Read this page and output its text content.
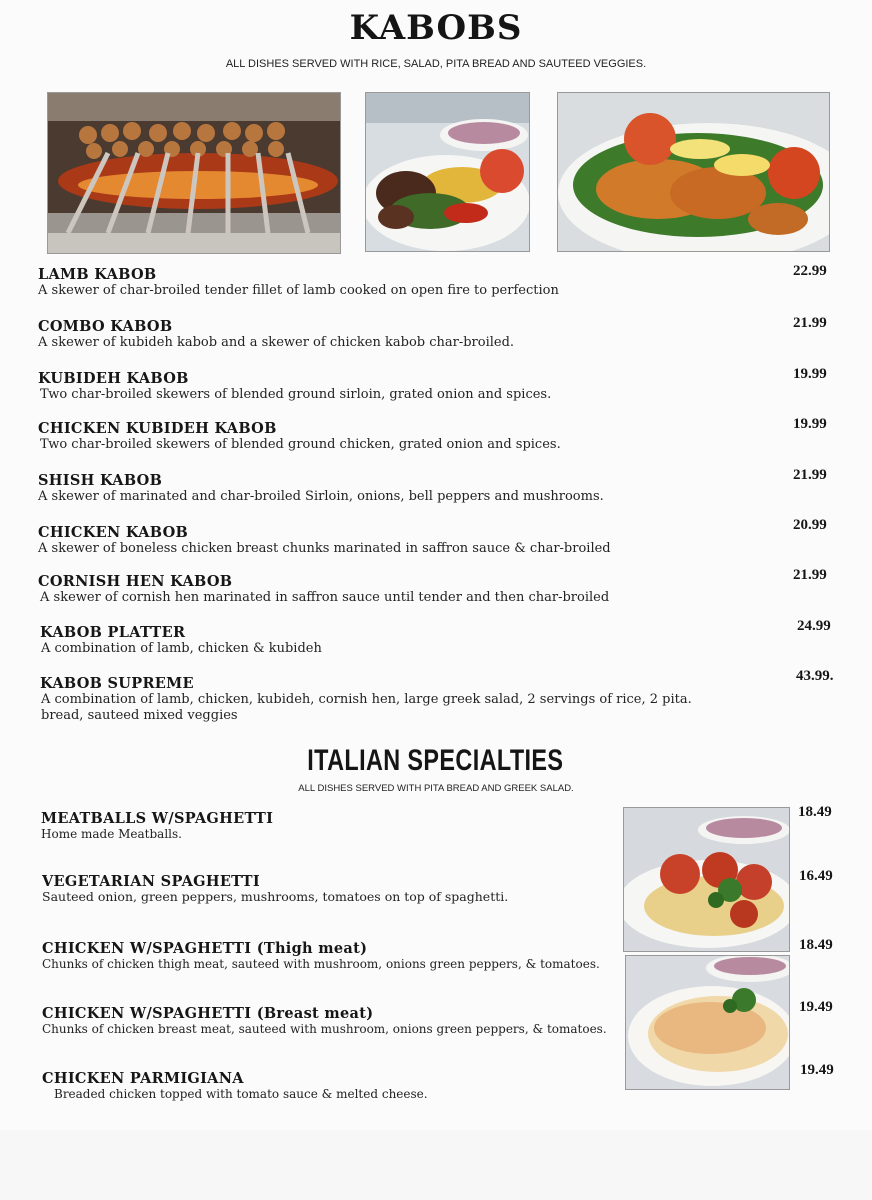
KABOBS
ALL DISHES SERVED WITH RICE, SALAD, PITA BREAD AND SAUTEED VEGGIES.
LAMB KABOB
A skewer of char-broiled tender fillet of lamb cooked on open fire to perfection
22.99
COMBO KABOB
A skewer of kubideh kabob and a skewer of chicken kabob char-broiled.
21.99
KUBIDEH KABOB
Two char-broiled skewers of blended ground sirloin, grated onion and spices.
19.99
CHICKEN KUBIDEH KABOB
Two char-broiled skewers of blended ground chicken, grated onion and spices.
19.99
SHISH KABOB
A skewer of marinated and char-broiled Sirloin, onions, bell peppers and mushrooms.
21.99
CHICKEN KABOB
A skewer of boneless chicken breast chunks marinated in saffron sauce & char-broiled
20.99
CORNISH HEN KABOB
A skewer of cornish hen marinated in saffron sauce until tender and then char-broiled
21.99
KABOB PLATTER
A combination of lamb, chicken & kubideh
24.99
KABOB SUPREME
A combination of lamb, chicken, kubideh, cornish hen, large greek salad, 2 servings of rice, 2 pita. bread, sauteed mixed veggies
43.99.
ITALIAN SPECIALTIES
ALL DISHES SERVED WITH PITA BREAD AND GREEK SALAD.
MEATBALLS W/SPAGHETTI
Home made Meatballs.
18.49
VEGETARIAN SPAGHETTI
Sauteed onion, green peppers, mushrooms, tomatoes on top of spaghetti.
16.49
CHICKEN W/SPAGHETTI (Thigh meat)
Chunks of chicken thigh meat, sauteed with mushroom, onions green peppers, & tomatoes.
18.49
CHICKEN W/SPAGHETTI (Breast meat)
Chunks of chicken breast meat, sauteed with mushroom, onions green peppers, & tomatoes.
19.49
CHICKEN PARMIGIANA
Breaded chicken topped with tomato sauce & melted cheese.
19.49
